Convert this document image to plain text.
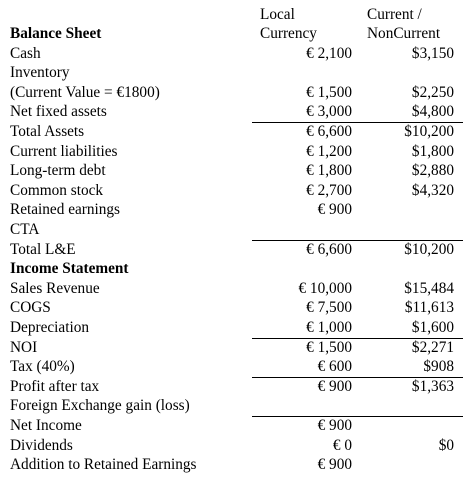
Local
Currency
Current /
NonCurrent
Balance Sheet
Cash	€ 2,100	$3,150
Inventory
(Current Value = €1800)	€ 1,500	$2,250
Net fixed assets	€ 3,000	$4,800
Total Assets	€ 6,600	$10,200
Current liabilities	€ 1,200	$1,800
Long-term debt	€ 1,800	$2,880
Common stock	€ 2,700	$4,320
Retained earnings	€ 900
CTA
Total L&E	€ 6,600	$10,200
Income Statement
Sales Revenue	€ 10,000	$15,484
COGS	€ 7,500	$11,613
Depreciation	€ 1,000	$1,600
NOI	€ 1,500	$2,271
Tax (40%)	€ 600	$908
Profit after tax	€ 900	$1,363
Foreign Exchange gain (loss)
Net Income	€ 900
Dividends	€ 0	$0
Addition to Retained Earnings	€ 900
